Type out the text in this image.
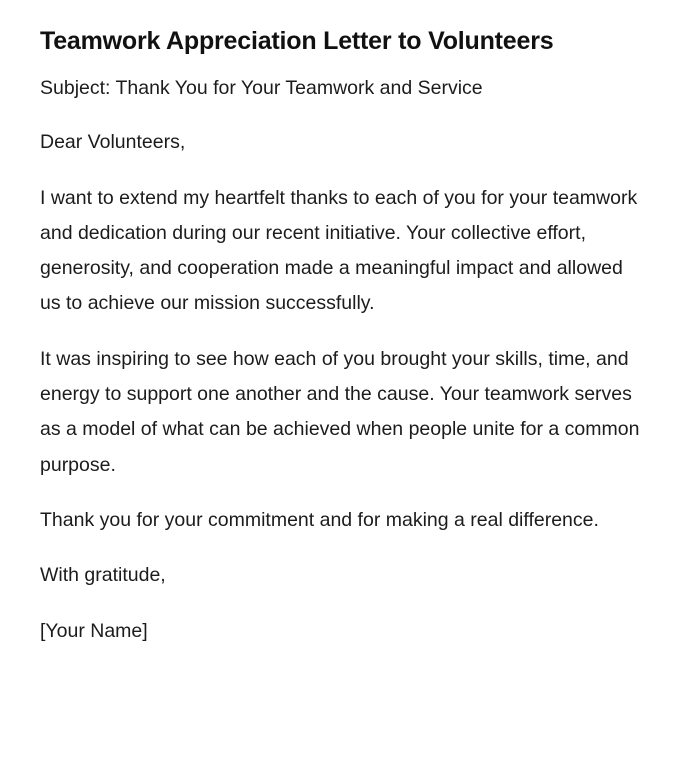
Teamwork Appreciation Letter to Volunteers

Subject: Thank You for Your Teamwork and Service

Dear Volunteers,

I want to extend my heartfelt thanks to each of you for your teamwork and dedication during our recent initiative. Your collective effort, generosity, and cooperation made a meaningful impact and allowed us to achieve our mission successfully.

It was inspiring to see how each of you brought your skills, time, and energy to support one another and the cause. Your teamwork serves as a model of what can be achieved when people unite for a common purpose.

Thank you for your commitment and for making a real difference.

With gratitude,

[Your Name]
